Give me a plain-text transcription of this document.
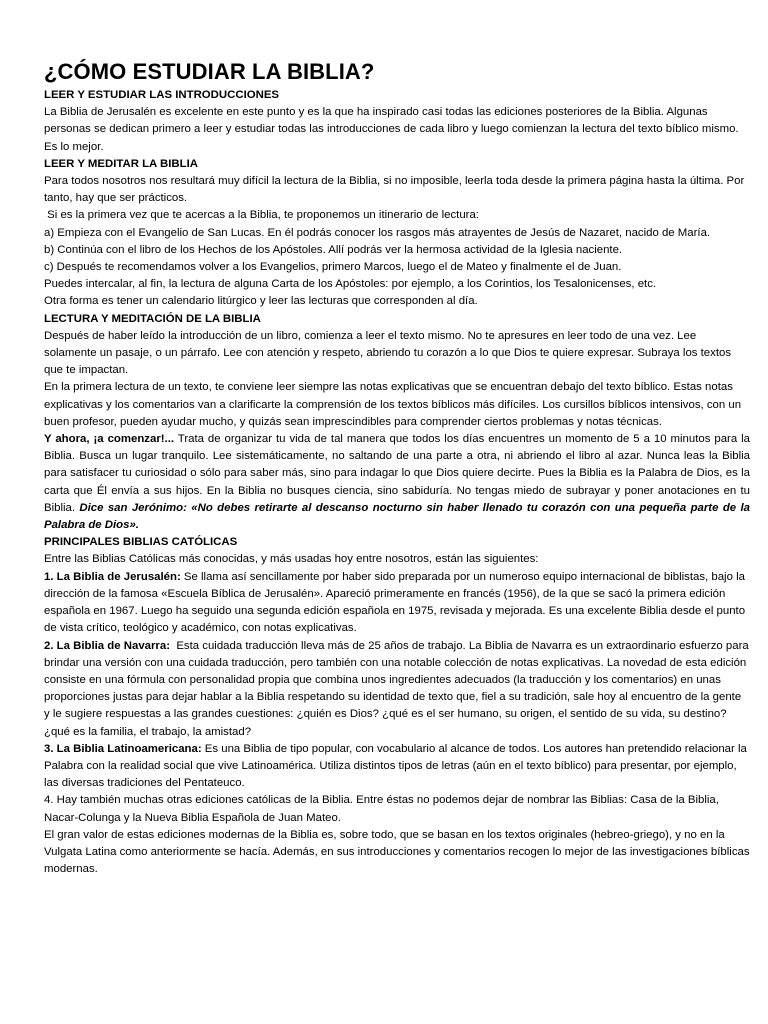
¿CÓMO ESTUDIAR LA BIBLIA?
LEER Y ESTUDIAR LAS INTRODUCCIONES

La Biblia de Jerusalén es excelente en este punto y es la que ha inspirado casi todas las ediciones posteriores de la Biblia. Algunas personas se dedican primero a leer y estudiar todas las introducciones de cada libro y luego comienzan la lectura del texto bíblico mismo. Es lo mejor.

LEER Y MEDITAR LA BIBLIA

Para todos nosotros nos resultará muy difícil la lectura de la Biblia, si no imposible, leerla toda desde la primera página hasta la última. Por tanto, hay que ser prácticos.

Si es la primera vez que te acercas a la Biblia, te proponemos un itinerario de lectura:

a) Empieza con el Evangelio de San Lucas. En él podrás conocer los rasgos más atrayentes de Jesús de Nazaret, nacido de María.

b) Continúa con el libro de los Hechos de los Apóstoles. Allí podrás ver la hermosa actividad de la Iglesia naciente.

c) Después te recomendamos volver a los Evangelios, primero Marcos, luego el de Mateo y finalmente el de Juan.

Puedes intercalar, al fin, la lectura de alguna Carta de los Apóstoles: por ejemplo, a los Corintios, los Tesalonicenses, etc.

Otra forma es tener un calendario litúrgico y leer las lecturas que corresponden al día.

LECTURA Y MEDITACIÓN DE LA BIBLIA

Después de haber leído la introducción de un libro, comienza a leer el texto mismo. No te apresures en leer todo de una vez. Lee solamente un pasaje, o un párrafo. Lee con atención y respeto, abriendo tu corazón a lo que Dios te quiere expresar. Subraya los textos que te impactan.

En la primera lectura de un texto, te conviene leer siempre las notas explicativas que se encuentran debajo del texto bíblico. Estas notas explicativas y los comentarios van a clarificarte la comprensión de los textos bíblicos más difíciles. Los cursillos bíblicos intensivos, con un buen profesor, pueden ayudar mucho, y quizás sean imprescindibles para comprender ciertos problemas y notas técnicas.

Y ahora, ¡a comenzar!... Trata de organizar tu vida de tal manera que todos los días encuentres un momento de 5 a 10 minutos para la Biblia. Busca un lugar tranquilo. Lee sistemáticamente, no saltando de una parte a otra, ni abriendo el libro al azar. Nunca leas la Biblia para satisfacer tu curiosidad o sólo para saber más, sino para indagar lo que Dios quiere decirte. Pues la Biblia es la Palabra de Dios, es la carta que Él envía a sus hijos. En la Biblia no busques ciencia, sino sabiduría. No tengas miedo de subrayar y poner anotaciones en tu Biblia. Dice san Jerónimo: «No debes retirarte al descanso nocturno sin haber llenado tu corazón con una pequeña parte de la Palabra de Dios».

PRINCIPALES BIBLIAS CATÓLICAS

Entre las Biblias Católicas más conocidas, y más usadas hoy entre nosotros, están las siguientes:

1. La Biblia de Jerusalén: Se llama así sencillamente por haber sido preparada por un numeroso equipo internacional de biblistas, bajo la dirección de la famosa «Escuela Bíblica de Jerusalén». Apareció primeramente en francés (1956), de la que se sacó la primera edición española en 1967. Luego ha seguido una segunda edición española en 1975, revisada y mejorada. Es una excelente Biblia desde el punto de vista crítico, teológico y académico, con notas explicativas.

2. La Biblia de Navarra:  Esta cuidada traducción lleva más de 25 años de trabajo. La Biblia de Navarra es un extraordinario esfuerzo para brindar una versión con una cuidada traducción, pero también con una notable colección de notas explicativas. La novedad de esta edición consiste en una fórmula con personalidad propia que combina unos ingredientes adecuados (la traducción y los comentarios) en unas proporciones justas para dejar hablar a la Biblia respetando su identidad de texto que, fiel a su tradición, sale hoy al encuentro de la gente y le sugiere respuestas a las grandes cuestiones: ¿quién es Dios? ¿qué es el ser humano, su origen, el sentido de su vida, su destino? ¿qué es la familia, el trabajo, la amistad?

3. La Biblia Latinoamericana: Es una Biblia de tipo popular, con vocabulario al alcance de todos. Los autores han pretendido relacionar la Palabra con la realidad social que vive Latinoamérica. Utiliza distintos tipos de letras (aún en el texto bíblico) para presentar, por ejemplo, las diversas tradiciones del Pentateuco.

4. Hay también muchas otras ediciones católicas de la Biblia. Entre éstas no podemos dejar de nombrar las Biblias: Casa de la Biblia, Nacar-Colunga y la Nueva Biblia Española de Juan Mateo.

El gran valor de estas ediciones modernas de la Biblia es, sobre todo, que se basan en los textos originales (hebreo-griego), y no en la Vulgata Latina como anteriormente se hacía. Además, en sus introducciones y comentarios recogen lo mejor de las investigaciones bíblicas modernas.
